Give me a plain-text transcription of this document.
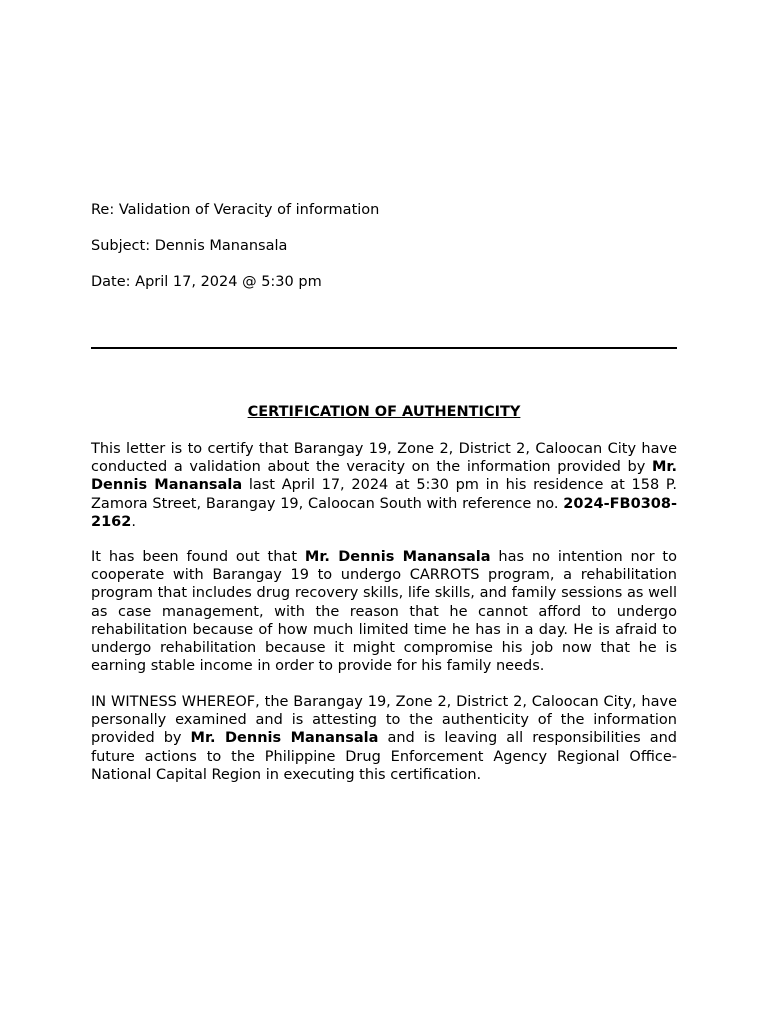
Re: Validation of Veracity of information
Subject: Dennis Manansala
Date: April 17, 2024 @ 5:30 pm
CERTIFICATION OF AUTHENTICITY

This letter is to certify that Barangay 19, Zone 2, District 2, Caloocan City have conducted a validation about the veracity on the information provided by Mr. Dennis Manansala last April 17, 2024 at 5:30 pm in his residence at 158 P. Zamora Street, Barangay 19, Caloocan South with reference no. 2024-FB0308-2162.

It has been found out that Mr. Dennis Manansala has no intention nor to cooperate with Barangay 19 to undergo CARROTS program, a rehabilitation program that includes drug recovery skills, life skills, and family sessions as well as case management, with the reason that he cannot afford to undergo rehabilitation because of how much limited time he has in a day. He is afraid to undergo rehabilitation because it might compromise his job now that he is earning stable income in order to provide for his family needs.

IN WITNESS WHEREOF, the Barangay 19, Zone 2, District 2, Caloocan City, have personally examined and is attesting to the authenticity of the information provided by Mr. Dennis Manansala and is leaving all responsibilities and future actions to the Philippine Drug Enforcement Agency Regional Office-National Capital Region in executing this certification.
